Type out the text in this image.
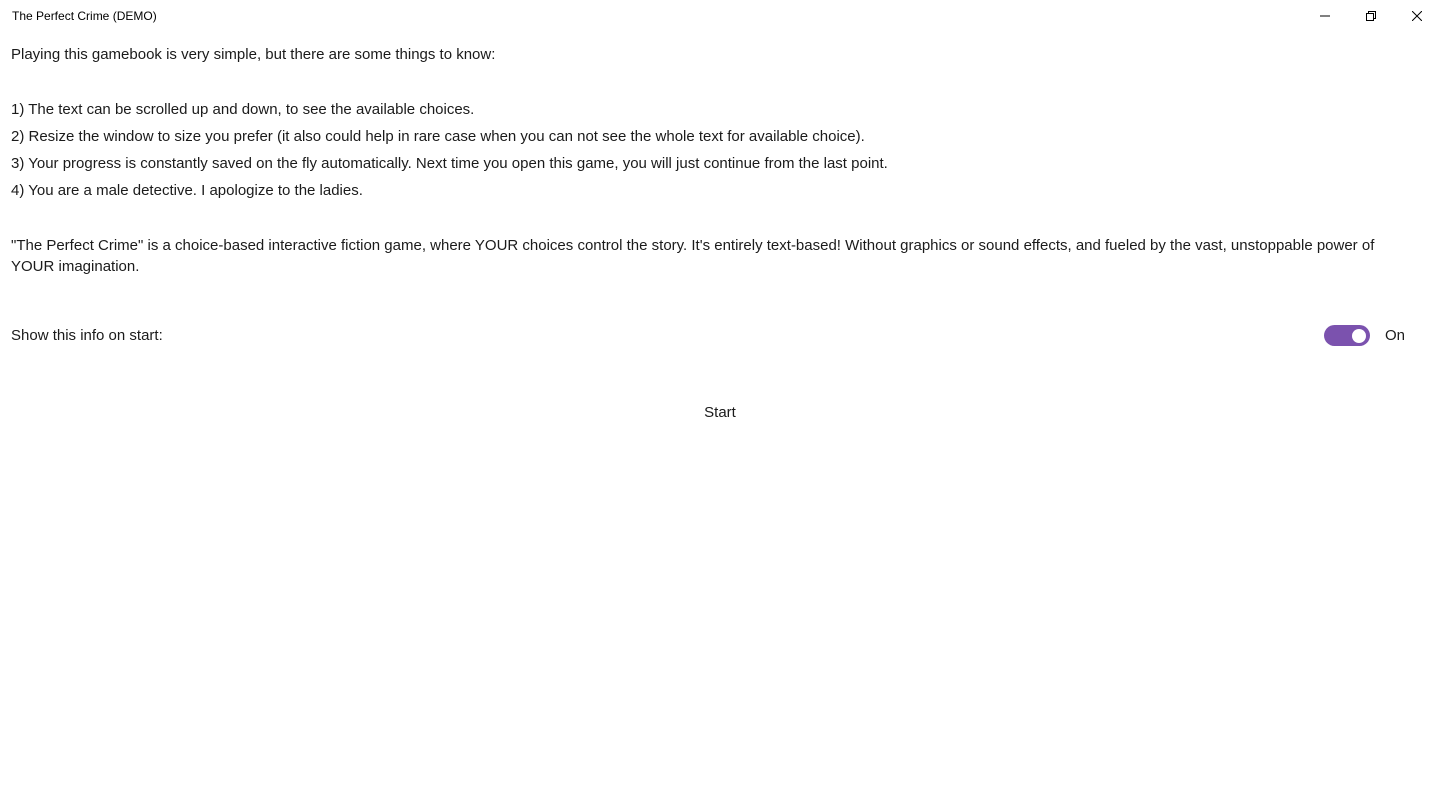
The Perfect Crime (DEMO)

Playing this gamebook is very simple, but there are some things to know:

1) The text can be scrolled up and down, to see the available choices.

2) Resize the window to size you prefer (it also could help in rare case when you can not see the whole text for available choice).

3) Your progress is constantly saved on the fly automatically. Next time you open this game, you will just continue from the last point.

4) You are a male detective. I apologize to the ladies.

"The Perfect Crime" is a choice-based interactive fiction game, where YOUR choices control the story. It's entirely text-based! Without graphics or sound effects, and fueled by the vast, unstoppable power of YOUR imagination.

Show this info on start:	On
Start
